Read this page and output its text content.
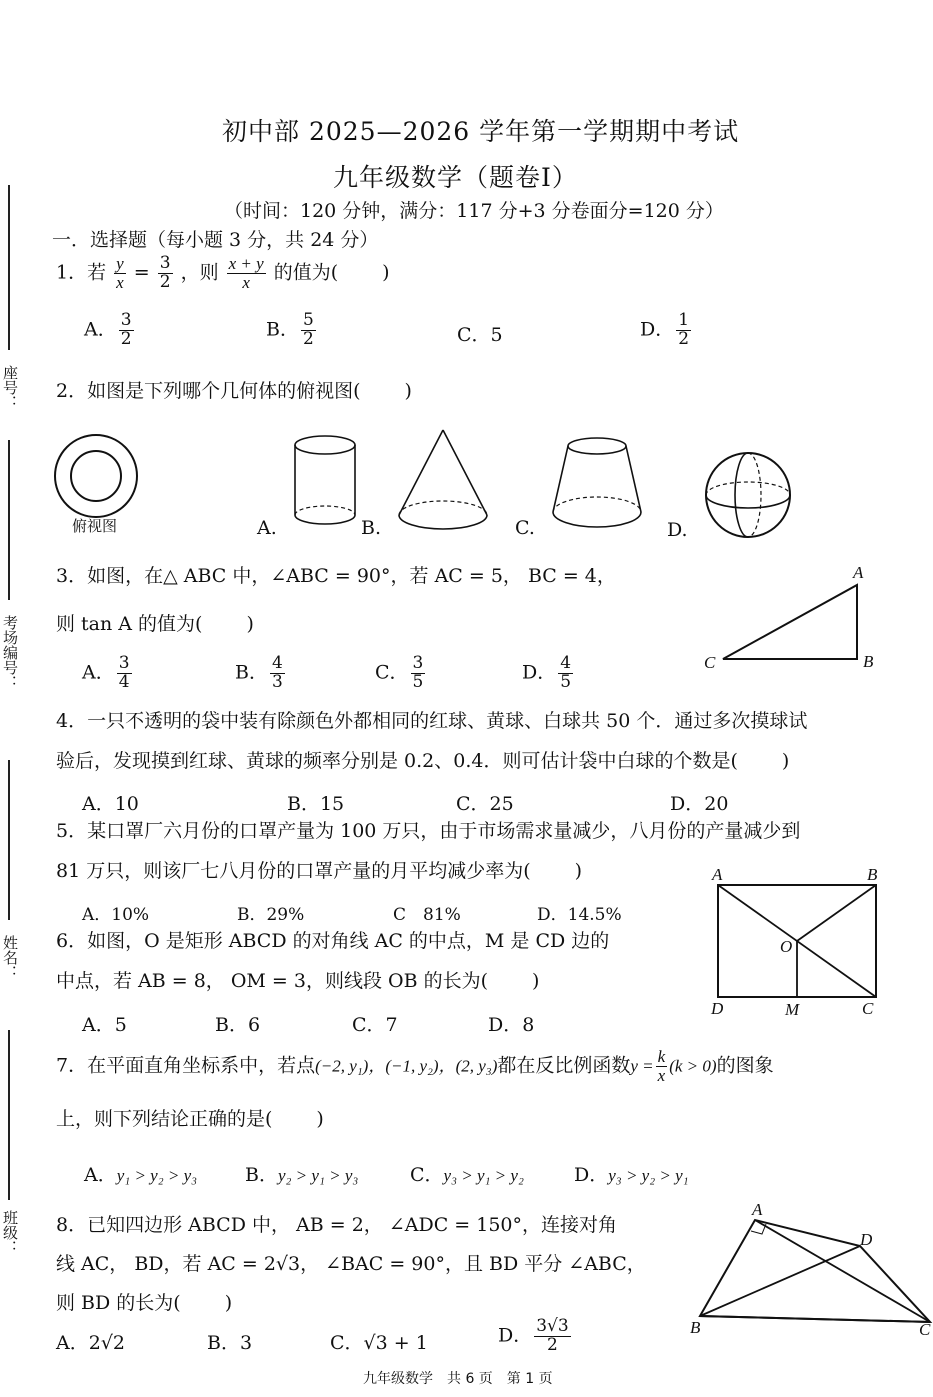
座号：
考场编号：
姓名：
班级：
初中部 2025—2026 学年第一学期期中考试
九年级数学（题卷Ⅰ）
（时间：120 分钟，满分：117 分+3 分卷面分=120 分）
一．选择题（每小题 3 分，共 24 分）
1．若 $\frac{y}{x} = \frac{3}{2}$ ，则 $\frac{x + y}{x}$ 的值为( )
A． $\frac{3}{2}$	B． $\frac{5}{2}$	C．5	D． $\frac{1}{2}$
2．如图是下列哪个几何体的俯视图( )
俯视图	A.	B.	C.	D.
3．如图，在△ ABC 中，∠ABC = 90°，若 AC = 5， BC = 4，
则 tan A 的值为( )
A． $\frac{3}{4}$	B． $\frac{4}{3}$	C． $\frac{3}{5}$	D． $\frac{4}{5}$
A
B
C
4．一只不透明的袋中装有除颜色外都相同的红球、黄球、白球共 50 个．通过多次摸球试
验后，发现摸到红球、黄球的频率分别是 0.2、0.4．则可估计袋中白球的个数是( )
A．10	B．15	C．25	D．20
5．某口罩厂六月份的口罩产量为 100 万只，由于市场需求量减少，八月份的产量减少到
81 万只，则该厂七八月份的口罩产量的月平均减少率为( )
A．10%	B．29%	C　81%	D．14.5%
6．如图，O 是矩形 ABCD 的对角线 AC 的中点，M 是 CD 边的
中点，若 AB = 8， OM = 3，则线段 OB 的长为( )
A．5	B．6	C．7	D．8
A	B
C
D
O
M
7．在平面直角坐标系中，若点(−2, y₁)，(−1, y₂)，(2, y₃)都在反比例函数$y = \frac{k}{x} (k > 0)$的图象
上，则下列结论正确的是( )
A．y₁ > y₂ > y₃	B．y₂ > y₁ > y₃	C．y₃ > y₁ > y₂	D．y₃ > y₂ > y₁
8．已知四边形 ABCD 中， AB = 2， ∠ADC = 150°，连接对角
线 AC， BD，若 AC = 2√3， ∠BAC = 90°，且 BD 平分 ∠ABC，
则 BD 的长为( )
A．2√2	B．3	C．√3 + 1	D． $\frac{3√3}{2}$
A
B	C
D
九年级数学　共 6 页　第 1 页
